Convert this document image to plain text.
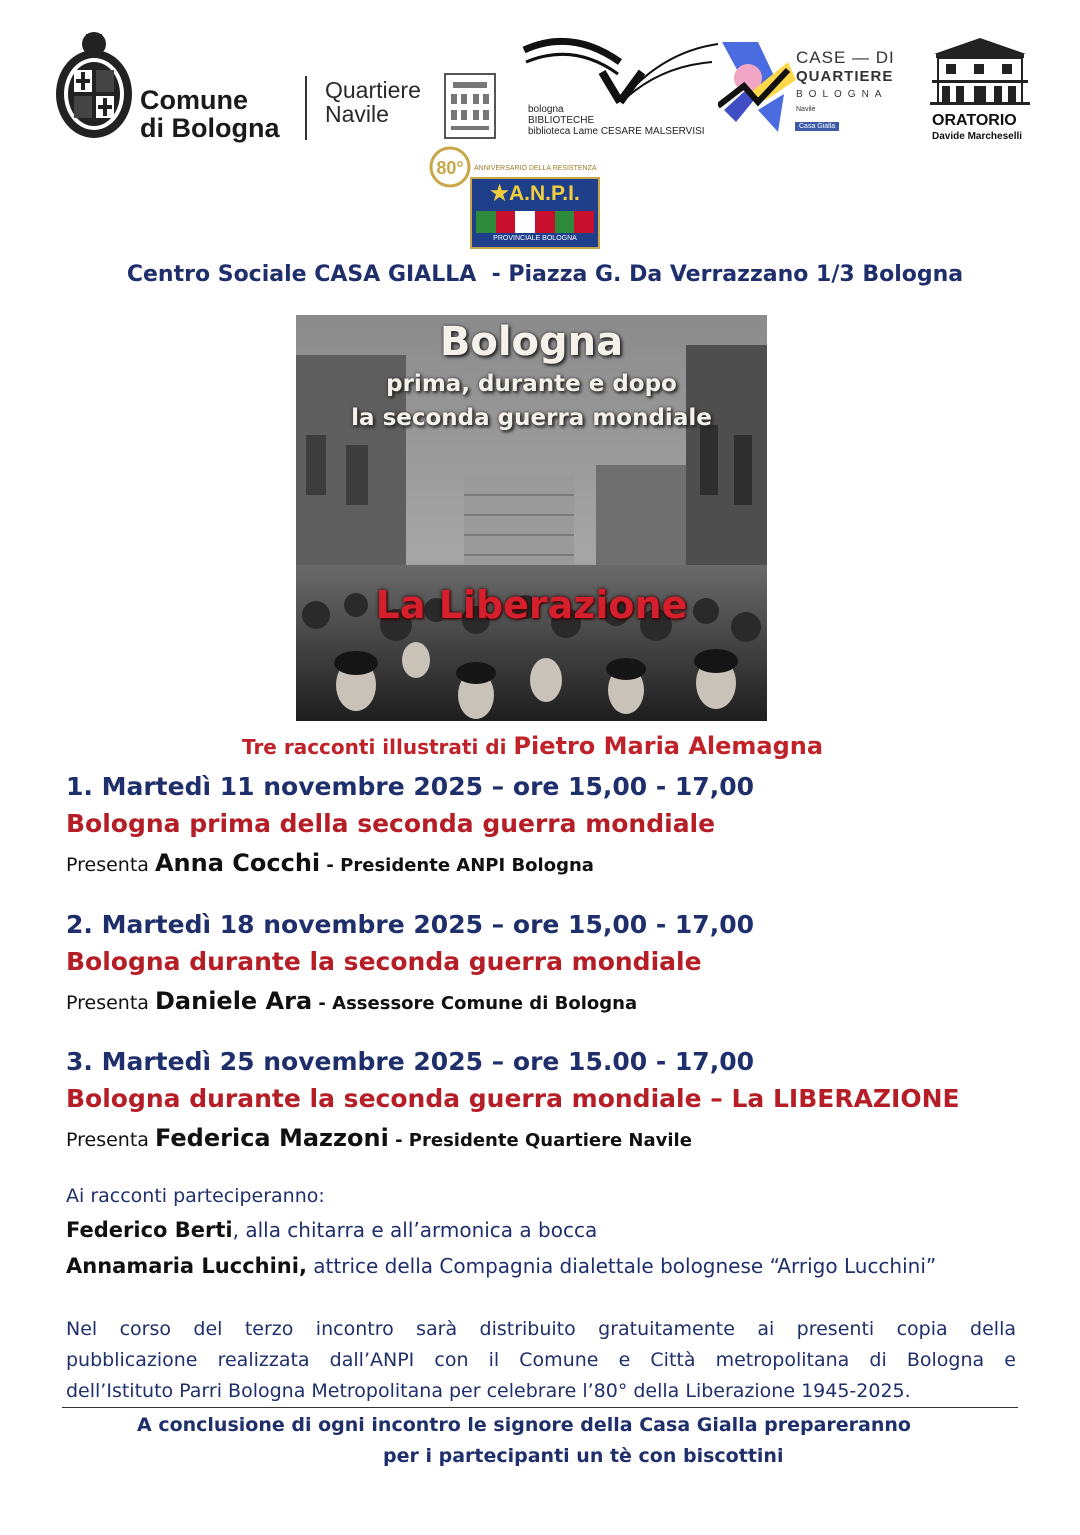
Comune
di Bologna
Quartiere
Navile	bologna
BIBLIOTECHE
biblioteca Lame CESARE MALSERVISI
CASE — DI
QUARTIERE
BOLOGNA
Navile
Casa Gialla	ORATORIO
Davide Marcheselli
80° ANNIVERSARIO DELLA RESISTENZA
★A.N.P.I.
PROVINCIALE BOLOGNA
Centro Sociale CASA GIALLA  - Piazza G. Da Verrazzano 1/3 Bologna
Bologna
prima, durante e dopo
la seconda guerra mondiale
La Liberazione
Tre racconti illustrati di Pietro Maria Alemagna
1. Martedì 11 novembre 2025 – ore 15,00 - 17,00
Bologna prima della seconda guerra mondiale
Presenta Anna Cocchi - Presidente ANPI Bologna
2. Martedì 18 novembre 2025 – ore 15,00 - 17,00
Bologna durante la seconda guerra mondiale
Presenta Daniele Ara - Assessore Comune di Bologna
3. Martedì 25 novembre 2025 – ore 15.00 - 17,00
Bologna durante la seconda guerra mondiale – La LIBERAZIONE
Presenta Federica Mazzoni - Presidente Quartiere Navile
Ai racconti parteciperanno:
Federico Berti, alla chitarra e all’armonica a bocca
Annamaria Lucchini, attrice della Compagnia dialettale bolognese “Arrigo Lucchini”
Nel corso del terzo incontro sarà distribuito gratuitamente ai presenti copia della
pubblicazione realizzata dall’ANPI con il Comune e Città metropolitana di Bologna e
dell’Istituto Parri Bologna Metropolitana per celebrare l’80° della Liberazione 1945-2025.
A conclusione di ogni incontro le signore della Casa Gialla prepareranno
per i partecipanti un tè con biscottini
